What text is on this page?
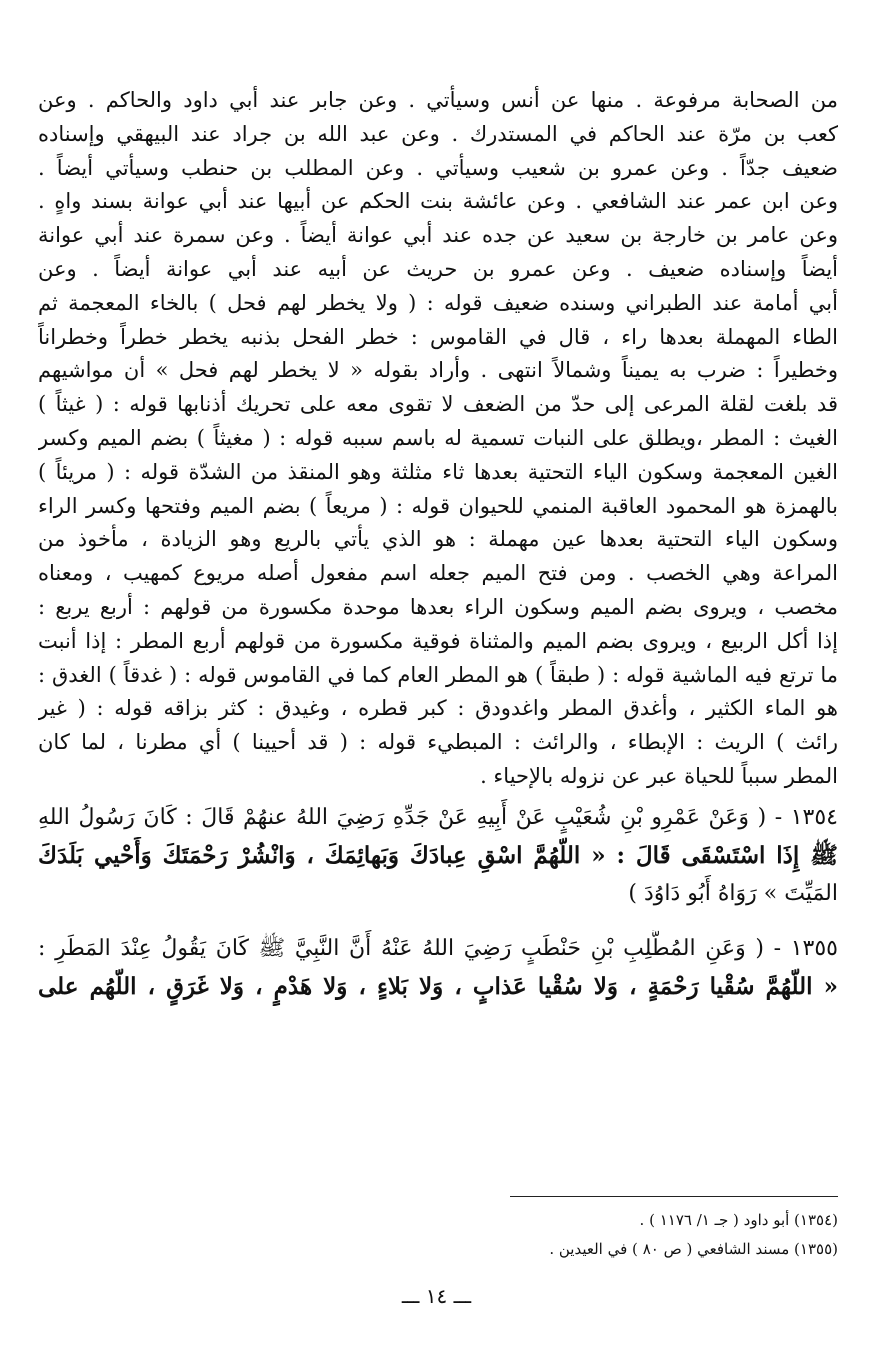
من الصحابة مرفوعة . منها عن أنس وسيأتي . وعن جابر عند أبي داود والحاكم . وعن
كعب بن مرّة عند الحاكم في المستدرك . وعن عبد الله بن جراد عند البيهقي وإسناده
ضعيف جدّاً . وعن عمرو بن شعيب وسيأتي . وعن المطلب بن حنطب وسيأتي أيضاً .
وعن ابن عمر عند الشافعي . وعن عائشة بنت الحكم عن أبيها عند أبي عوانة بسند واهٍ .
وعن عامر بن خارجة بن سعيد عن جده عند أبي عوانة أيضاً . وعن سمرة عند أبي عوانة
أيضاً وإسناده ضعيف . وعن عمرو بن حريث عن أبيه عند أبي عوانة أيضاً . وعن
أبي أمامة عند الطبراني وسنده ضعيف قوله : ( ولا يخطر لهم فحل ) بالخاء المعجمة ثم
الطاء المهملة بعدها راء ، قال في القاموس : خطر الفحل بذنبه يخطر خطراً وخطراناً
وخطيراً : ضرب به يميناً وشمالاً انتهى . وأراد بقوله « لا يخطر لهم فحل » أن مواشيهم
قد بلغت لقلة المرعى إلى حدّ من الضعف لا تقوى معه على تحريك أذنابها قوله : ( غيثاً )
الغيث : المطر ،ويطلق على النبات تسمية له باسم سببه قوله : ( مغيثاً ) بضم الميم وكسر
الغين المعجمة وسكون الياء التحتية بعدها ثاء مثلثة وهو المنقذ من الشدّة قوله : ( مريئاً )
بالهمزة هو المحمود العاقبة المنمي للحيوان قوله : ( مريعاً ) بضم الميم وفتحها وكسر الراء
وسكون الياء التحتية بعدها عين مهملة : هو الذي يأتي بالريع وهو الزيادة ، مأخوذ من
المراعة وهي الخصب . ومن فتح الميم جعله اسم مفعول أصله مريوع كمهيب ، ومعناه
مخصب ، ويروى بضم الميم وسكون الراء بعدها موحدة مكسورة من قولهم : أربع يربع :
إذا أكل الربيع ، ويروى بضم الميم والمثناة فوقية مكسورة من قولهم أربع المطر : إذا أنبت
ما ترتع فيه الماشية قوله : ( طبقاً ) هو المطر العام كما في القاموس قوله : ( غدقاً ) الغدق :
هو الماء الكثير ، وأغدق المطر واغدودق : كبر قطره ، وغيدق : كثر بزاقه قوله : ( غير
رائث ) الريث : الإبطاء ، والرائث : المبطيء قوله : ( قد أحيينا ) أي مطرنا ، لما كان
المطر سبباً للحياة عبر عن نزوله بالإحياء .
١٣٥٤ - ( وَعَنْ عَمْرِو بْنِ شُعَيْبٍ عَنْ أَبِيهِ عَنْ جَدِّهِ رَضِيَ اللهُ عنهُمْ قَالَ : كَانَ رَسُولُ اللهِ
ﷺ إِذَا اسْتَسْقَى قَالَ : « اللّهُمَّ اسْقِ عِبادَكَ وَبَهائِمَكَ ، وَانْشُرْ رَحْمَتَكَ وَأَحْيي بَلَدَكَ
المَيِّتَ » رَوَاهُ أَبُو دَاوُدَ )
١٣٥٥ - ( وَعَنِ المُطَّلِبِ بْنِ حَنْطَبٍ رَضِيَ اللهُ عَنْهُ أَنَّ النَّبِيَّ ﷺ كَانَ يَقُولُ عِنْدَ المَطَرِ :
« اللّهُمَّ سُقْيا رَحْمَةٍ ، وَلا سُقْيا عَذابٍ ، وَلا بَلاءٍ ، وَلا هَدْمٍ ، وَلا غَرَقٍ ، اللّهُم على
(١٣٥٤) أبو داود ( جـ ١/ ١١٧٦ ) .
(١٣٥٥) مسند الشافعي ( ص ٨٠ ) في العيدين .
ـــ ١٤ ـــ
